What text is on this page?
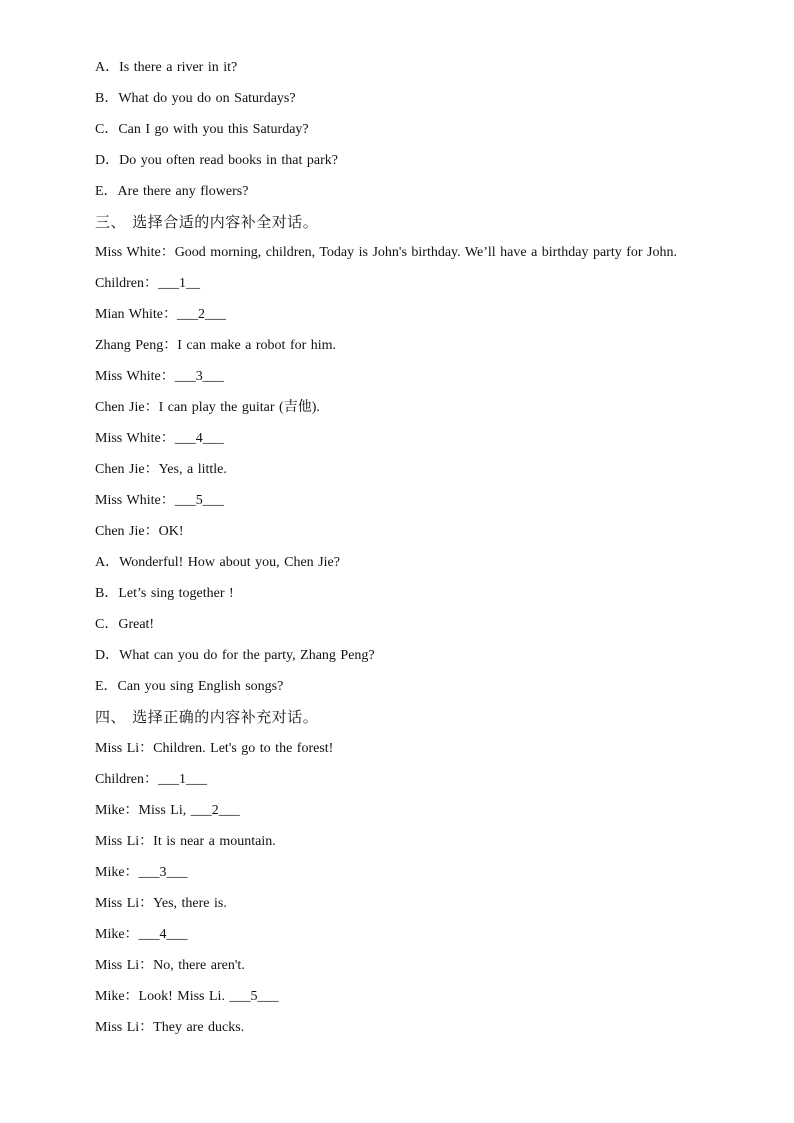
A．Is there a river in it?
B．What do you do on Saturdays?
C．Can I go with you this Saturday?
D．Do you often read books in that park?
E．Are there any flowers?
三、 选择合适的内容补全对话。
Miss White：Good morning, children, Today is John's birthday. We’ll have a birthday party for John.
Children：___1__
Mian White：___2___
Zhang Peng：I can make a robot for him.
Miss White：___3___
Chen Jie：I can play the guitar (吉他).
Miss White：___4___
Chen Jie：Yes, a little.
Miss White：___5___
Chen Jie：OK!
A．Wonderful! How about you, Chen Jie?
B．Let’s sing together !
C．Great!
D．What can you do for the party, Zhang Peng?
E．Can you sing English songs?
四、 选择正确的内容补充对话。
Miss Li：Children. Let's go to the forest!
Children：___1___
Mike：Miss Li, ___2___
Miss Li：It is near a mountain.
Mike：___3___
Miss Li：Yes, there is.
Mike：___4___
Miss Li：No, there aren't.
Mike：Look! Miss Li. ___5___
Miss Li：They are ducks.
